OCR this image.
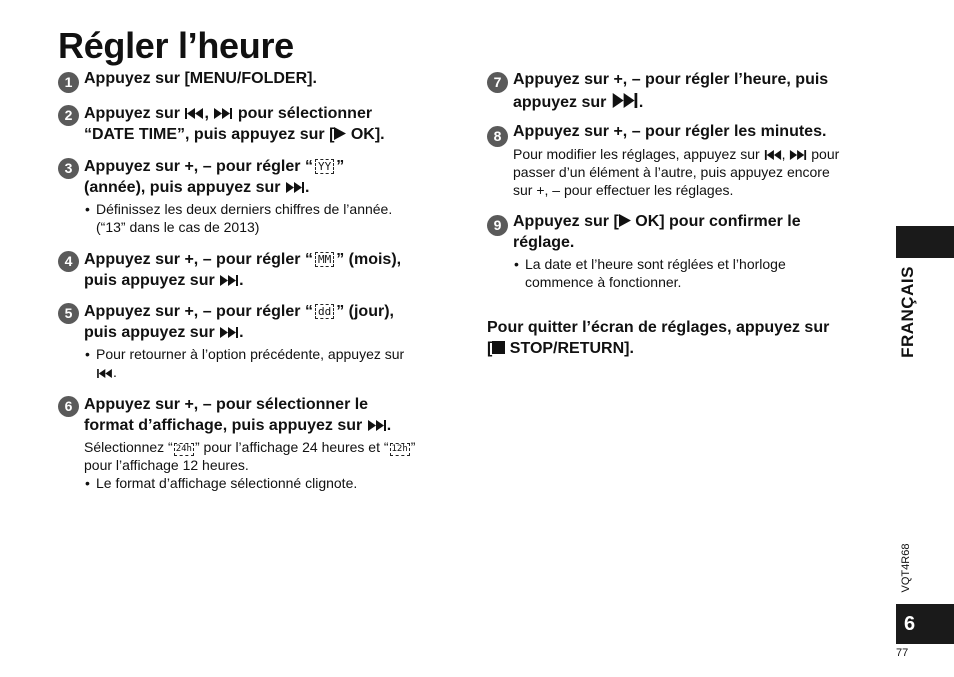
Régler l’heure
1 Appuyez sur [MENU/FOLDER].
2 Appuyez sur , pour sélectionner
“DATE TIME”, puis appuyez sur [ OK].
3 Appuyez sur +, – pour régler “ YY ”
(année), puis appuyez sur .
• Définissez les deux derniers chiffres de l’année.
(“13” dans le cas de 2013)
4 Appuyez sur +, – pour régler “ MM ” (mois),
puis appuyez sur .
5 Appuyez sur +, – pour régler “ dd ” (jour),
puis appuyez sur .
• Pour retourner à l’option précédente, appuyez sur
.
6 Appuyez sur +, – pour sélectionner le
format d’affichage, puis appuyez sur .
Sélectionnez “ 24h ” pour l’affichage 24 heures et “ 12h ”
pour l’affichage 12 heures.
• Le format d’affichage sélectionné clignote.
7 Appuyez sur +, – pour régler l’heure, puis
appuyez sur .
8 Appuyez sur +, – pour régler les minutes.
Pour modifier les réglages, appuyez sur , pour
passer d’un élément à l’autre, puis appuyez encore
sur +, – pour effectuer les réglages.
9 Appuyez sur [ OK] pour confirmer le
réglage.
• La date et l’heure sont réglées et l’horloge
commence à fonctionner.
Pour quitter l’écran de réglages, appuyez sur
[ STOP/RETURN].	FRANÇAIS
VQT4R68
6
77
